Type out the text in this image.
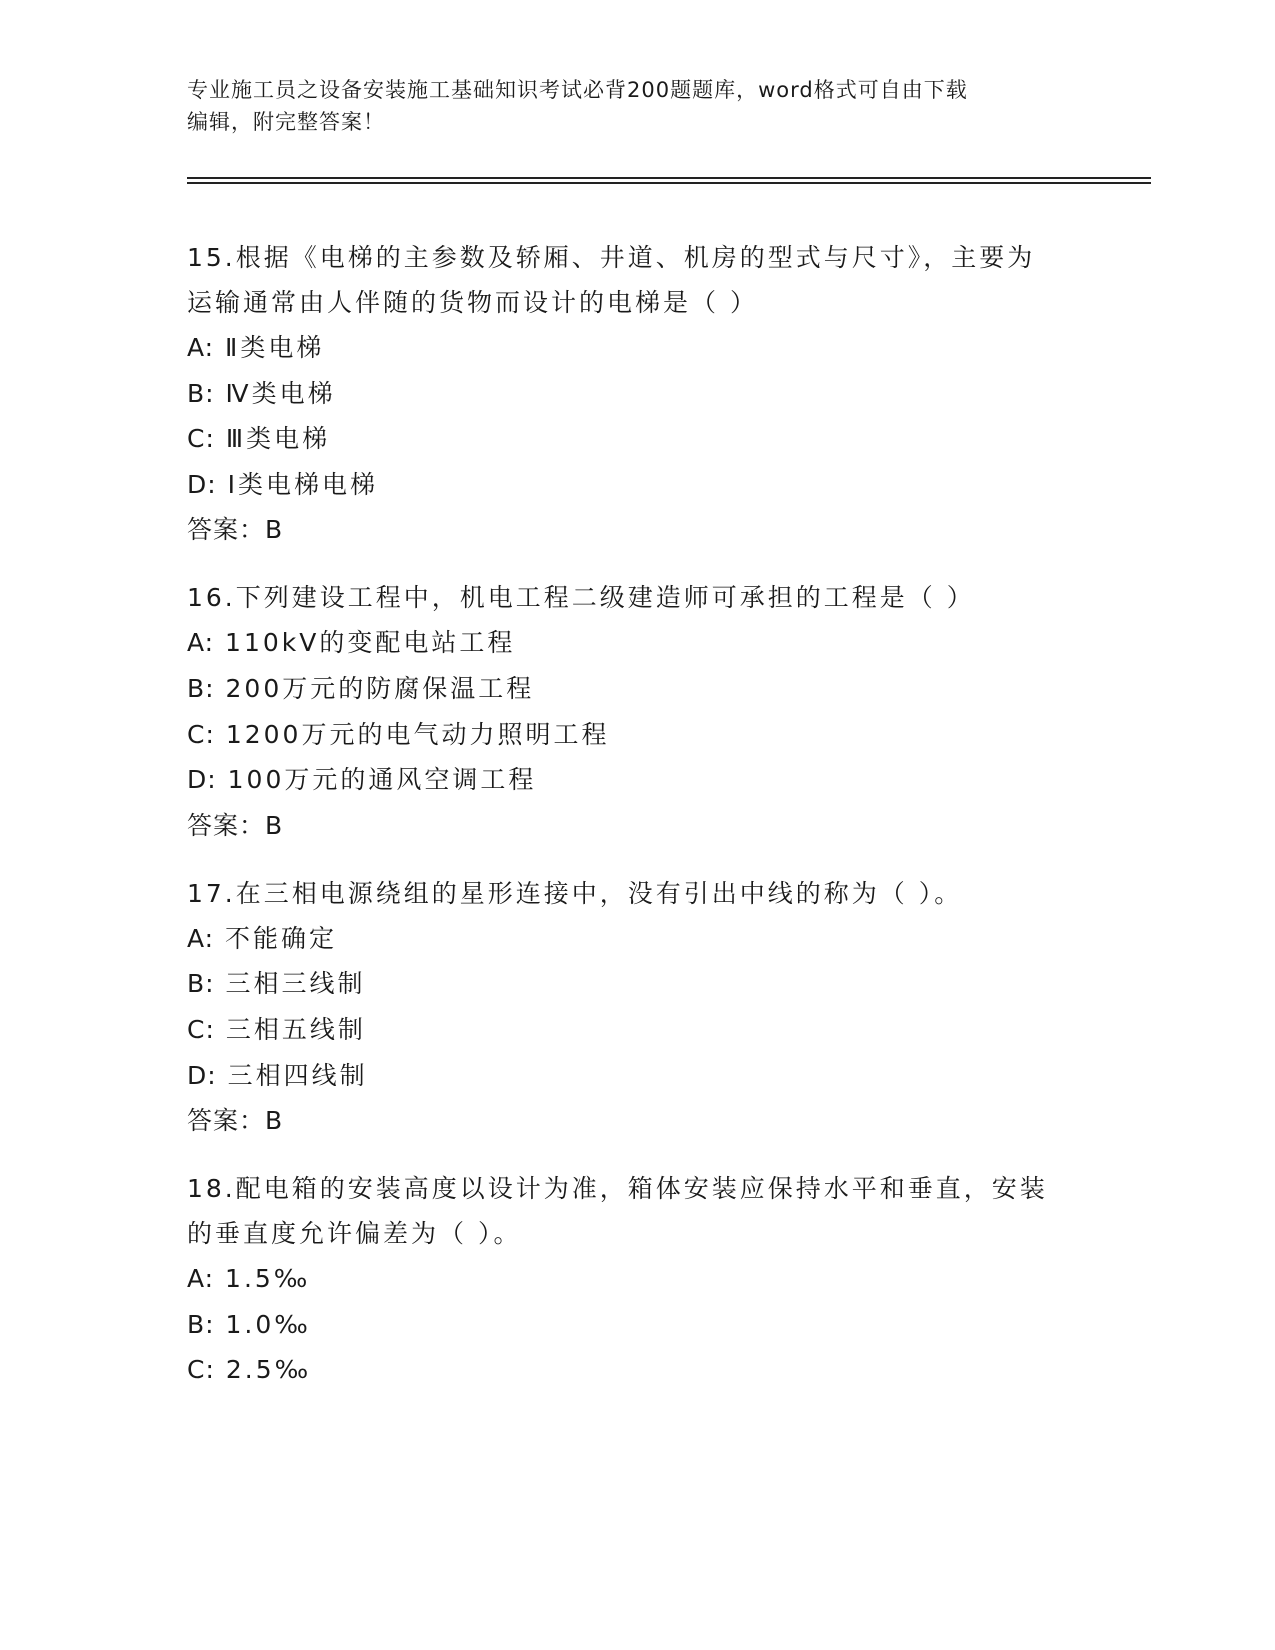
专业施工员之设备安装施工基础知识考试必背200题题库，word格式可自由下载
编辑，附完整答案！
15.根据《电梯的主参数及轿厢、井道、机房的型式与尺寸》，主要为
运输通常由人伴随的货物而设计的电梯是（ ）
A: Ⅱ类电梯
B: Ⅳ类电梯
C: Ⅲ类电梯
D: Ⅰ类电梯电梯
答案：B
16.下列建设工程中，机电工程二级建造师可承担的工程是（ ）
A: 110kV的变配电站工程
B: 200万元的防腐保温工程
C: 1200万元的电气动力照明工程
D: 100万元的通风空调工程
答案：B
17.在三相电源绕组的星形连接中，没有引出中线的称为（ ）。
A: 不能确定
B: 三相三线制
C: 三相五线制
D: 三相四线制
答案：B
18.配电箱的安装高度以设计为准，箱体安装应保持水平和垂直，安装
的垂直度允许偏差为（ ）。
A: 1.5‰
B: 1.0‰
C: 2.5‰
